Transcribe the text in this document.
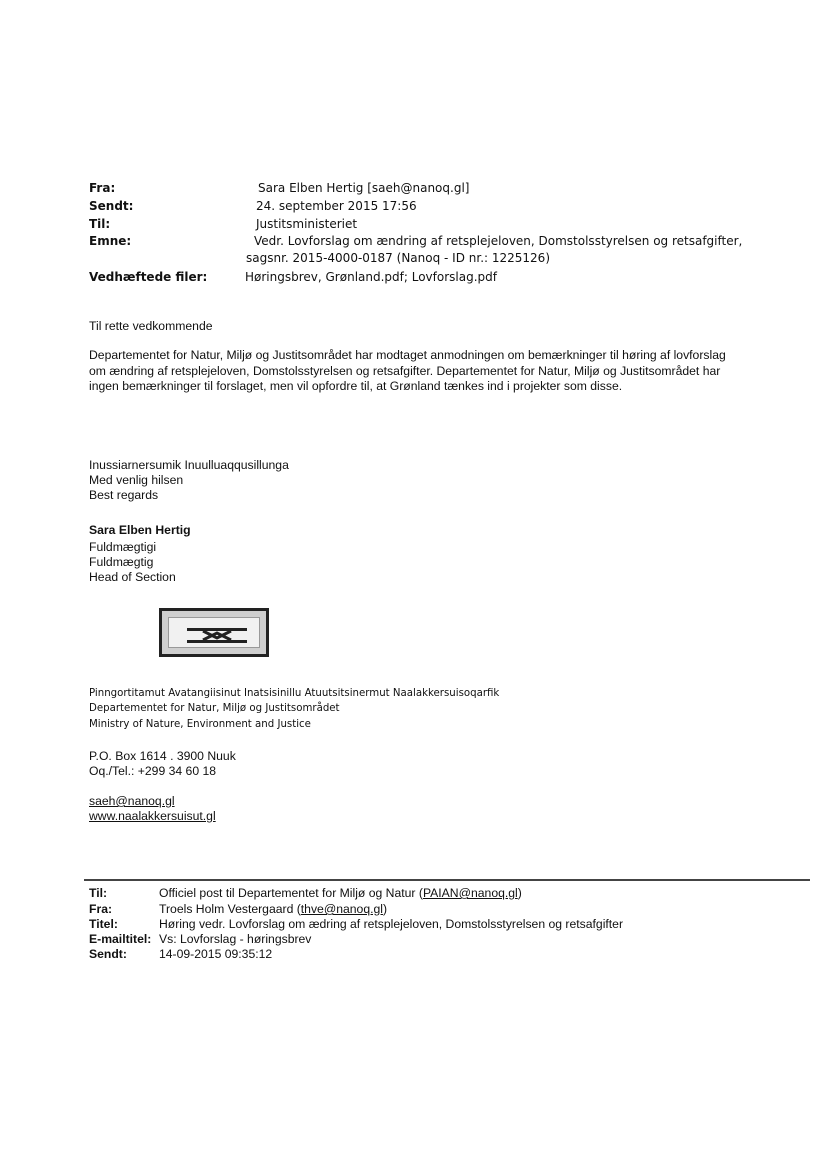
Fra:	Sara Elben Hertig [saeh@nanoq.gl]
Sendt:	24. september 2015 17:56
Til:	Justitsministeriet
Emne:	Vedr. Lovforslag om ændring af retsplejeloven, Domstolsstyrelsen og retsafgifter,
sagsnr. 2015-4000-0187 (Nanoq - ID nr.: 1225126)
Vedhæftede filer:	Høringsbrev, Grønland.pdf; Lovforslag.pdf
Til rette vedkommende
Departementet for Natur, Miljø og Justitsområdet har modtaget anmodningen om bemærkninger til høring af lovforslag om ændring af retsplejeloven, Domstolsstyrelsen og retsafgifter. Departementet for Natur, Miljø og Justitsområdet har ingen bemærkninger til forslaget, men vil opfordre til, at Grønland tænkes ind i projekter som disse.
Inussiarnersumik Inuulluaqqusillunga
Med venlig hilsen
Best regards
Sara Elben Hertig
Fuldmægtigi
Fuldmægtig
Head of Section
Pinngortitamut Avatangiisinut Inatsisinillu Atuutsitsinermut Naalakkersuisoqarfik
Departementet for Natur, Miljø og Justitsområdet
Ministry of Nature, Environment and Justice
P.O. Box 1614 . 3900 Nuuk
Oq./Tel.: +299 34 60 18
saeh@nanoq.gl
www.naalakkersuisut.gl
Til:	Officiel post til Departementet for Miljø og Natur (PAIAN@nanoq.gl)
Fra:	Troels Holm Vestergaard (thve@nanoq.gl)
Titel:	Høring vedr. Lovforslag om ædring af retsplejeloven, Domstolsstyrelsen og retsafgifter
E-mailtitel: Vs: Lovforslag - høringsbrev
Sendt:	14-09-2015 09:35:12
